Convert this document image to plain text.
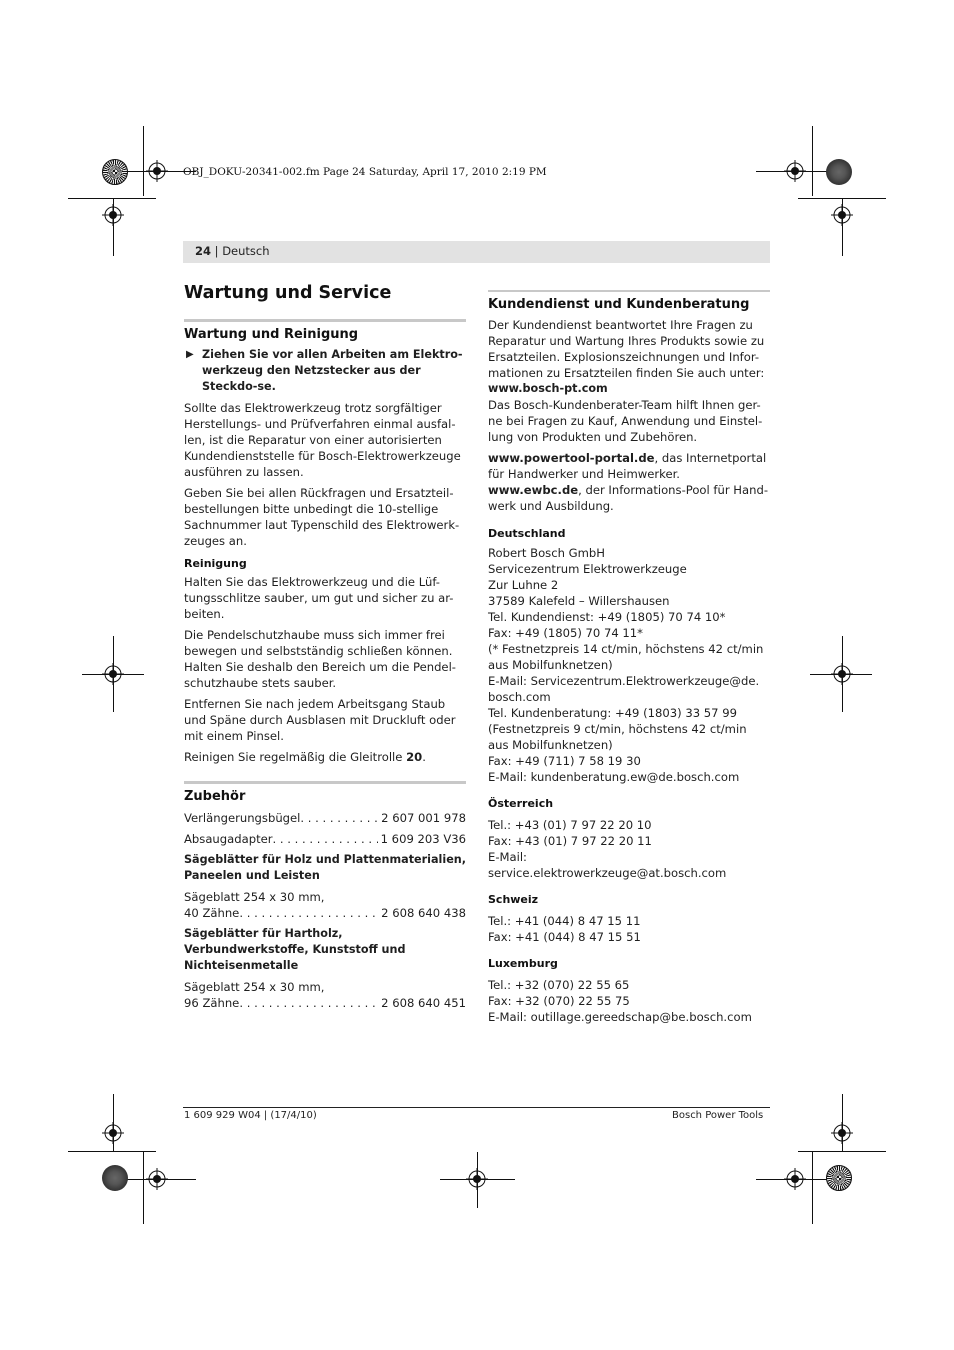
OBJ_DOKU-20341-002.fm Page 24 Saturday, April 17, 2010 2:19 PM
24 | Deutsch

Wartung und Service

Wartung und Reinigung

▶ Ziehen Sie vor allen Arbeiten am Elektro-werkzeug den Netzstecker aus der Steckdo-se.

Sollte das Elektrowerkzeug trotz sorgfältiger Herstellungs- und Prüfverfahren einmal ausfal-len, ist die Reparatur von einer autorisierten Kundendienststelle für Bosch-Elektrowerkzeuge ausführen zu lassen.

Geben Sie bei allen Rückfragen und Ersatzteil-bestellungen bitte unbedingt die 10-stellige Sachnummer laut Typenschild des Elektrowerk-zeuges an.

Reinigung

Halten Sie das Elektrowerkzeug und die Lüf-tungsschlitze sauber, um gut und sicher zu ar-beiten.

Die Pendelschutzhaube muss sich immer frei bewegen und selbstständig schließen können. Halten Sie deshalb den Bereich um die Pendel-schutzhaube stets sauber.

Entfernen Sie nach jedem Arbeitsgang Staub und Späne durch Ausblasen mit Druckluft oder mit einem Pinsel.

Reinigen Sie regelmäßig die Gleitrolle 20.

Zubehör

Verlängerungsbügel . . .	2 607 001 978
Absaugadapter . . .	1 609 203 V36

Sägeblätter für Holz und Plattenmaterialien, Paneelen und Leisten

Sägeblatt 254 x 30 mm,

40 Zähne . . .	2 608 640 438

Sägeblätter für Hartholz, Verbundwerkstoffe, Kunststoff und Nichteisenmetalle

Sägeblatt 254 x 30 mm,

96 Zähne . . .	2 608 640 451

Kundendienst und Kundenberatung

Der Kundendienst beantwortet Ihre Fragen zu Reparatur und Wartung Ihres Produkts sowie zu Ersatzteilen. Explosionszeichnungen und Infor-mationen zu Ersatzteilen finden Sie auch unter:

www.bosch-pt.com

Das Bosch-Kundenberater-Team hilft Ihnen ger-ne bei Fragen zu Kauf, Anwendung und Einstel-lung von Produkten und Zubehören.

www.powertool-portal.de, das Internetportal für Handwerker und Heimwerker.

www.ewbc.de, der Informations-Pool für Hand-werk und Ausbildung.

Deutschland

Robert Bosch GmbH
Servicezentrum Elektrowerkzeuge
Zur Luhne 2
37589 Kalefeld – Willershausen
Tel. Kundendienst: +49 (1805) 70 74 10*
Fax: +49 (1805) 70 74 11*
(* Festnetzpreis 14 ct/min, höchstens 42 ct/min
aus Mobilfunknetzen)
E-Mail: Servicezentrum.Elektrowerkzeuge@de.
bosch.com
Tel. Kundenberatung: +49 (1803) 33 57 99
(Festnetzpreis 9 ct/min, höchstens 42 ct/min
aus Mobilfunknetzen)
Fax: +49 (711) 7 58 19 30
E-Mail: kundenberatung.ew@de.bosch.com

Österreich

Tel.: +43 (01) 7 97 22 20 10
Fax: +43 (01) 7 97 22 20 11
E-Mail:
service.elektrowerkzeuge@at.bosch.com

Schweiz

Tel.: +41 (044) 8 47 15 11
Fax: +41 (044) 8 47 15 51

Luxemburg

Tel.: +32 (070) 22 55 65
Fax: +32 (070) 22 55 75
E-Mail: outillage.gereedschap@be.bosch.com
1 609 929 W04 | (17/4/10)	Bosch Power Tools
